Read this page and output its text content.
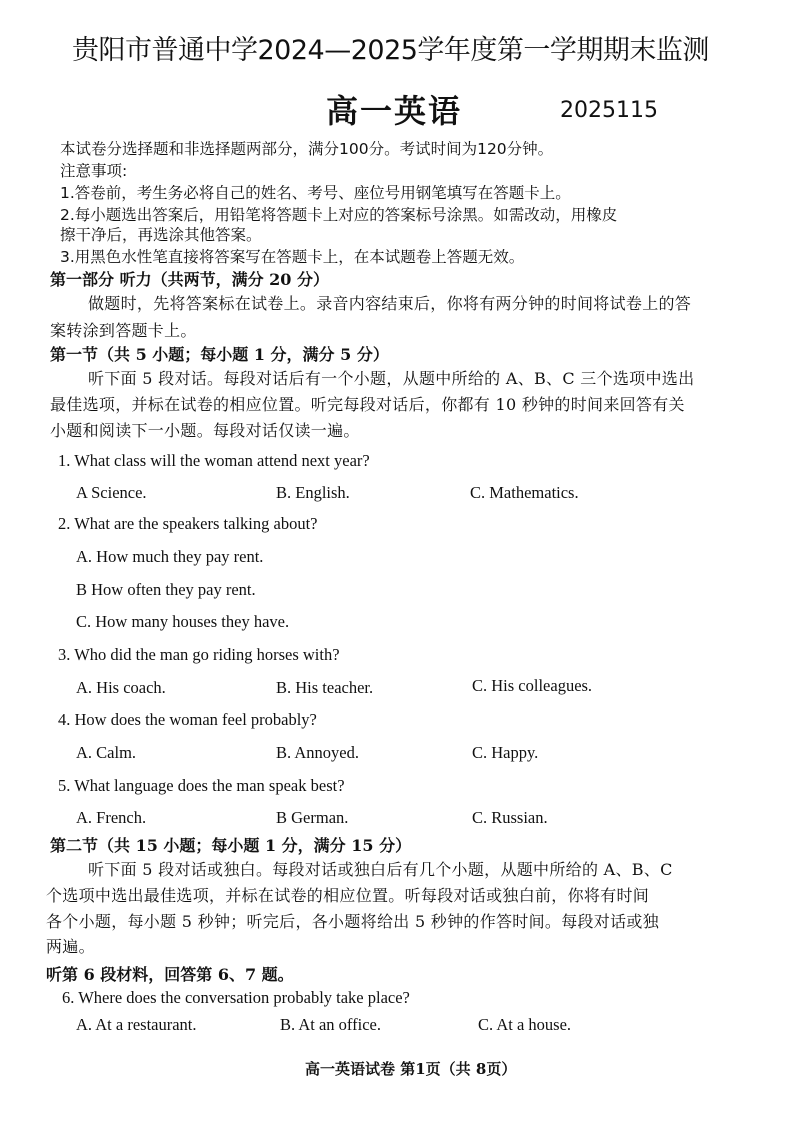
贵阳市普通中学2024—2025学年度第一学期期末监测
高一英语	2025115
本试卷分选择题和非选择题两部分，满分100分。考试时间为120分钟。
注意事项:
1.答卷前，考生务必将自己的姓名、考号、座位号用钢笔填写在答题卡上。
2.每小题选出答案后，用铅笔将答题卡上对应的答案标号涂黑。如需改动，用橡皮
擦干净后，再选涂其他答案。
3.用黑色水性笔直接将答案写在答题卡上，在本试题卷上答题无效。
第一部分 听力（共两节，满分 20 分）
做题时，先将答案标在试卷上。录音内容结束后，你将有两分钟的时间将试卷上的答
案转涂到答题卡上。
第一节（共 5 小题；每小题 1 分，满分 5 分）
听下面 5 段对话。每段对话后有一个小题，从题中所给的 A、B、C 三个选项中选出
最佳选项，并标在试卷的相应位置。听完每段对话后，你都有 10 秒钟的时间来回答有关
小题和阅读下一小题。每段对话仅读一遍。
1. What class will the woman attend next year?
A Science.	B. English.	C. Mathematics.
2. What are the speakers talking about?
A. How much they pay rent.
B How often they pay rent.
C. How many houses they have.
3. Who did the man go riding horses with?
A. His coach.	B. His teacher.	C. His colleagues.
4. How does the woman feel probably?
A. Calm.	B. Annoyed.	C. Happy.
5. What language does the man speak best?
A. French.	B German.	C. Russian.
第二节（共 15 小题；每小题 1 分，满分 15 分）
听下面 5 段对话或独白。每段对话或独白后有几个小题，从题中所给的 A、B、C
个选项中选出最佳选项，并标在试卷的相应位置。听每段对话或独白前，你将有时间
各个小题，每小题 5 秒钟；听完后，各小题将给出 5 秒钟的作答时间。每段对话或独
两遍。
听第 6 段材料，回答第 6、7 题。
6. Where does the conversation probably take place?
A. At a restaurant.	B. At an office.	C. At a house.
高一英语试卷 第1页（共 8页）
